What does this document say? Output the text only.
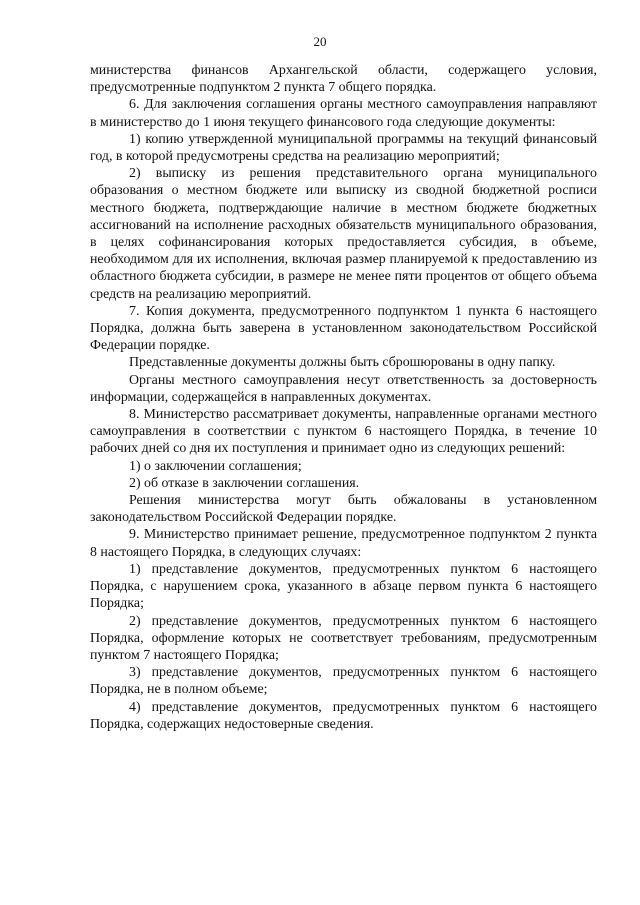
20

министерства финансов Архангельской области, содержащего условия, предусмотренные подпунктом 2 пункта 7 общего порядка.

6. Для заключения соглашения органы местного самоуправления направляют в министерство до 1 июня текущего финансового года следующие документы:

1) копию утвержденной муниципальной программы на текущий финансовый год, в которой предусмотрены средства на реализацию мероприятий;

2) выписку из решения представительного органа муниципального образования о местном бюджете или выписку из сводной бюджетной росписи местного бюджета, подтверждающие наличие в местном бюджете бюджетных ассигнований на исполнение расходных обязательств муниципального образования, в целях софинансирования которых предоставляется субсидия, в объеме, необходимом для их исполнения, включая размер планируемой к предоставлению из областного бюджета субсидии, в размере не менее пяти процентов от общего объема средств на реализацию мероприятий.

7. Копия документа, предусмотренного подпунктом 1 пункта 6 настоящего Порядка, должна быть заверена в установленном законодательством Российской Федерации порядке.

Представленные документы должны быть сброшюрованы в одну папку.

Органы местного самоуправления несут ответственность за достоверность информации, содержащейся в направленных документах.

8. Министерство рассматривает документы, направленные органами местного самоуправления в соответствии с пунктом 6 настоящего Порядка, в течение 10 рабочих дней со дня их поступления и принимает одно из следующих решений:

1) о заключении соглашения;

2) об отказе в заключении соглашения.

Решения министерства могут быть обжалованы в установленном законодательством Российской Федерации порядке.

9. Министерство принимает решение, предусмотренное подпунктом 2 пункта 8 настоящего Порядка, в следующих случаях:

1) представление документов, предусмотренных пунктом 6 настоящего Порядка, с нарушением срока, указанного в абзаце первом пункта 6 настоящего Порядка;

2) представление документов, предусмотренных пунктом 6 настоящего Порядка, оформление которых не соответствует требованиям, предусмотренным пунктом 7 настоящего Порядка;

3) представление документов, предусмотренных пунктом 6 настоящего Порядка, не в полном объеме;

4) представление документов, предусмотренных пунктом 6 настоящего Порядка, содержащих недостоверные сведения.
